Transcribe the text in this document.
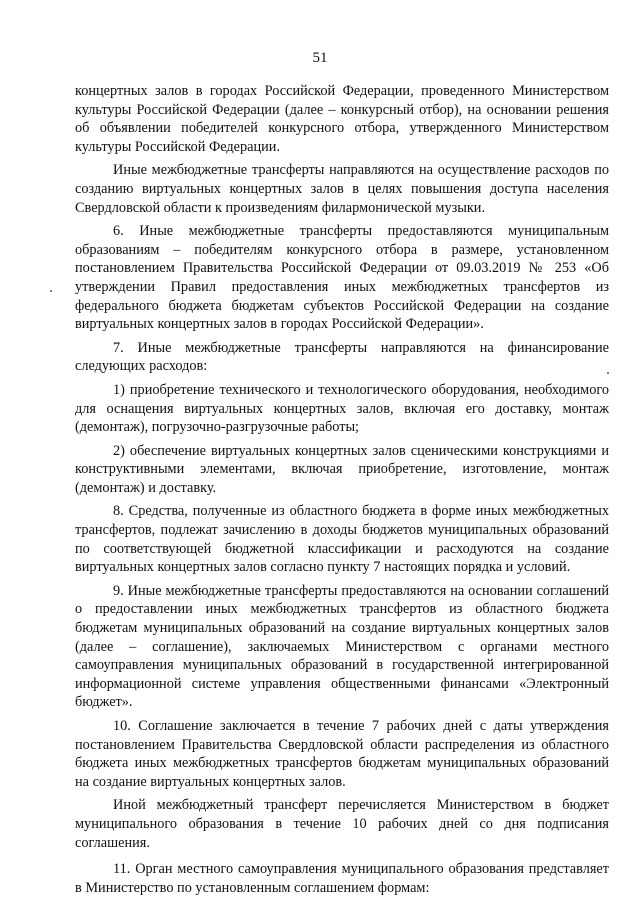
51

концертных залов в городах Российской Федерации, проведенного Министерством культуры Российской Федерации (далее – конкурсный отбор), на основании решения об объявлении победителей конкурсного отбора, утвержденного Министерством культуры Российской Федерации.

Иные межбюджетные трансферты направляются на осуществление расходов по созданию виртуальных концертных залов в целях повышения доступа населения Свердловской области к произведениям филармонической музыки.

6. Иные межбюджетные трансферты предоставляются муниципальным образованиям – победителям конкурсного отбора в размере, установленном постановлением Правительства Российской Федерации от 09.03.2019 № 253 «Об утверждении Правил предоставления иных межбюджетных трансфертов из федерального бюджета бюджетам субъектов Российской Федерации на создание виртуальных концертных залов в городах Российской Федерации».

7. Иные межбюджетные трансферты направляются на финансирование следующих расходов:

1) приобретение технического и технологического оборудования, необходимого для оснащения виртуальных концертных залов, включая его доставку, монтаж (демонтаж), погрузочно-разгрузочные работы;

2) обеспечение виртуальных концертных залов сценическими конструкциями и конструктивными элементами, включая приобретение, изготовление, монтаж (демонтаж) и доставку.

8. Средства, полученные из областного бюджета в форме иных межбюджетных трансфертов, подлежат зачислению в доходы бюджетов муниципальных образований по соответствующей бюджетной классификации и расходуются на создание виртуальных концертных залов согласно пункту 7 настоящих порядка и условий.

9. Иные межбюджетные трансферты предоставляются на основании соглашений о предоставлении иных межбюджетных трансфертов из областного бюджета бюджетам муниципальных образований на создание виртуальных концертных залов (далее – соглашение), заключаемых Министерством с органами местного самоуправления муниципальных образований в государственной интегрированной информационной системе управления общественными финансами «Электронный бюджет».

10. Соглашение заключается в течение 7 рабочих дней с даты утверждения постановлением Правительства Свердловской области распределения из областного бюджета иных межбюджетных трансфертов бюджетам муниципальных образований на создание виртуальных концертных залов.

Иной межбюджетный трансферт перечисляется Министерством в бюджет муниципального образования в течение 10 рабочих дней со дня подписания соглашения.

11. Орган местного самоуправления муниципального образования представляет в Министерство по установленным соглашением формам:
